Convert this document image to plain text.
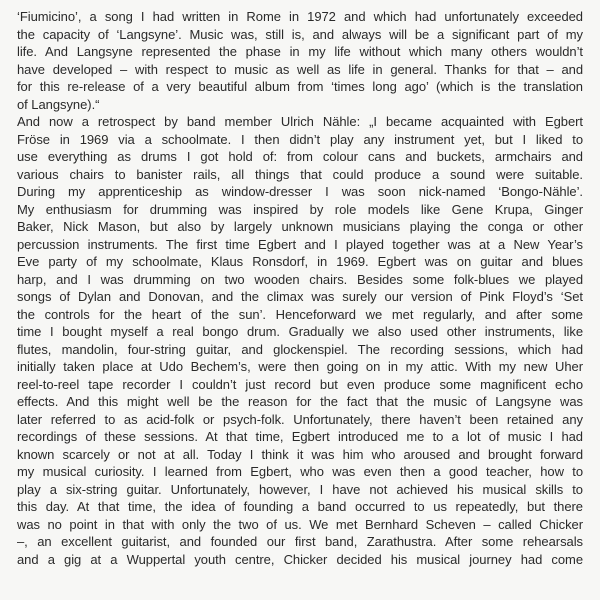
‘Fiumicino’, a song I had written in Rome in 1972 and which had unfortunately exceeded
the capacity of ‘Langsyne’. Music was, still is, and always will be a significant part of my
life. And Langsyne represented the phase in my life without which many others wouldn’t
have developed – with respect to music as well as life in general. Thanks for that – and
for this re-release of a very beautiful album from ‘times long ago’ (which is the translation
of Langsyne).“
And now a retrospect by band member Ulrich Nähle: „I became acquainted with Egbert
Fröse in 1969 via a schoolmate. I then didn’t play any instrument yet, but I liked to
use everything as drums I got hold of: from colour cans and buckets, armchairs and
various chairs to banister rails, all things that could produce a sound were suitable.
During my apprenticeship as window-dresser I was soon nick-named ‘Bongo-Nähle’.
My enthusiasm for drumming was inspired by role models like Gene Krupa, Ginger
Baker, Nick Mason, but also by largely unknown musicians playing the conga or other
percussion instruments. The first time Egbert and I played together was at a New Year’s
Eve party of my schoolmate, Klaus Ronsdorf, in 1969. Egbert was on guitar and blues
harp, and I was drumming on two wooden chairs. Besides some folk-blues we played
songs of Dylan and Donovan, and the climax was surely our version of Pink Floyd’s ‘Set
the controls for the heart of the sun’. Henceforward we met regularly, and after some
time I bought myself a real bongo drum. Gradually we also used other instruments, like
flutes, mandolin, four-string guitar, and glockenspiel. The recording sessions, which had
initially taken place at Udo Bechem’s, were then going on in my attic. With my new Uher
reel-to-reel tape recorder I couldn’t just record but even produce some magnificent echo
effects. And this might well be the reason for the fact that the music of Langsyne was
later referred to as acid-folk or psych-folk. Unfortunately, there haven’t been retained any
recordings of these sessions. At that time, Egbert introduced me to a lot of music I had
known scarcely or not at all. Today I think it was him who aroused and brought forward
my musical curiosity. I learned from Egbert, who was even then a good teacher, how to
play a six-string guitar. Unfortunately, however, I have not achieved his musical skills to
this day. At that time, the idea of founding a band occurred to us repeatedly, but there
was no point in that with only the two of us. We met Bernhard Scheven – called Chicker
–, an excellent guitarist, and founded our first band, Zarathustra. After some rehearsals
and a gig at a Wuppertal youth centre, Chicker decided his musical journey had come
